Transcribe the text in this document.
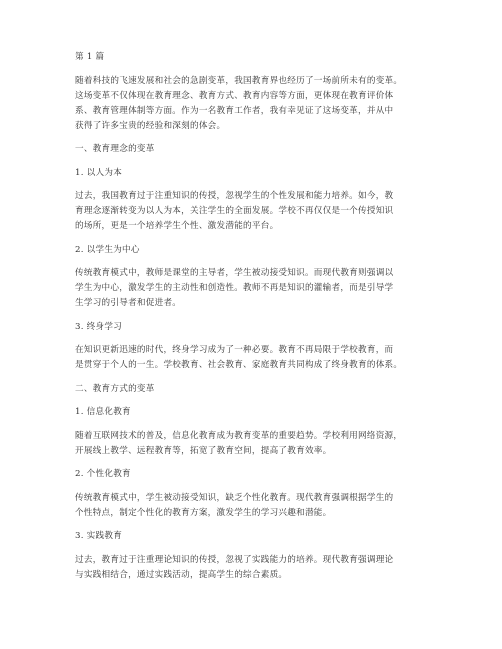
第 1 篇
随着科技的飞速发展和社会的急剧变革，我国教育界也经历了一场前所未有的变革。
这场变革不仅体现在教育理念、教育方式、教育内容等方面，更体现在教育评价体
系、教育管理体制等方面。作为一名教育工作者，我有幸见证了这场变革，并从中
获得了许多宝贵的经验和深刻的体会。
一、教育理念的变革
1. 以人为本
过去，我国教育过于注重知识的传授，忽视学生的个性发展和能力培养。如今，教
育理念逐渐转变为以人为本，关注学生的全面发展。学校不再仅仅是一个传授知识
的场所，更是一个培养学生个性、激发潜能的平台。
2. 以学生为中心
传统教育模式中，教师是课堂的主导者，学生被动接受知识。而现代教育则强调以
学生为中心，激发学生的主动性和创造性。教师不再是知识的灌输者，而是引导学
生学习的引导者和促进者。
3. 终身学习
在知识更新迅速的时代，终身学习成为了一种必要。教育不再局限于学校教育，而
是贯穿于个人的一生。学校教育、社会教育、家庭教育共同构成了终身教育的体系。
二、教育方式的变革
1. 信息化教育
随着互联网技术的普及，信息化教育成为教育变革的重要趋势。学校利用网络资源，
开展线上教学、远程教育等，拓宽了教育空间，提高了教育效率。
2. 个性化教育
传统教育模式中，学生被动接受知识，缺乏个性化教育。现代教育强调根据学生的
个性特点，制定个性化的教育方案，激发学生的学习兴趣和潜能。
3. 实践教育
过去，教育过于注重理论知识的传授，忽视了实践能力的培养。现代教育强调理论
与实践相结合，通过实践活动，提高学生的综合素质。
